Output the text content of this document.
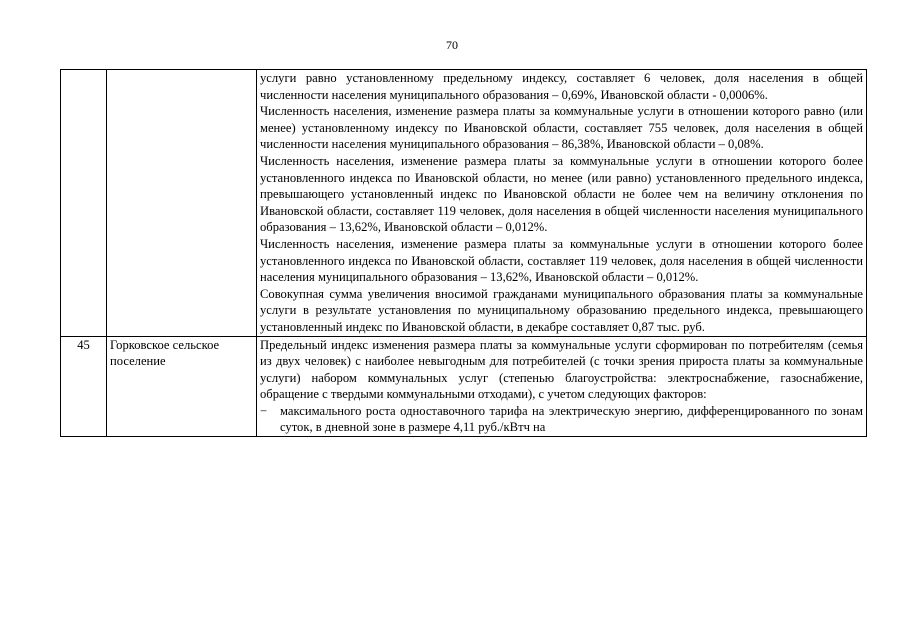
70

		услуги равно установленному предельному индексу, составляет 6 человек, доля населения в общей численности населения муниципального образования – 0,69%, Ивановской области - 0,0006%.
Численность населения, изменение размера платы за коммунальные услуги в отношении которого равно (или менее) установленному индексу по Ивановской области, составляет 755 человек, доля населения в общей численности населения муниципального образования – 86,38%, Ивановской области – 0,08%.
Численность населения, изменение размера платы за коммунальные услуги в отношении которого более установленного индекса по Ивановской области, но менее (или равно) установленного предельного индекса, превышающего установленный индекс по Ивановской области не более чем на величину отклонения по Ивановской области, составляет 119 человек, доля населения в общей численности населения муниципального образования – 13,62%, Ивановской области – 0,012%.
Численность населения, изменение размера платы за коммунальные услуги в отношении которого более установленного индекса по Ивановской области, составляет 119 человек, доля населения в общей численности населения муниципального образования – 13,62%, Ивановской области – 0,012%.
Совокупная сумма увеличения вносимой гражданами муниципального образования платы за коммунальные услуги в результате установления по муниципальному образованию предельного индекса, превышающего установленный индекс по Ивановской области, в декабре составляет 0,87 тыс. руб.

45	Горковское сельское поселение	Предельный индекс изменения размера платы за коммунальные услуги сформирован по потребителям (семья из двух человек) с наиболее невыгодным для потребителей (с точки зрения прироста платы за коммунальные услуги) набором коммунальных услуг (степенью благоустройства: электроснабжение, газоснабжение, обращение с твердыми коммунальными отходами), с учетом следующих факторов:
− максимального роста одноставочного тарифа на электрическую энергию, дифференцированного по зонам суток, в дневной зоне в размере 4,11 руб./кВтч на
